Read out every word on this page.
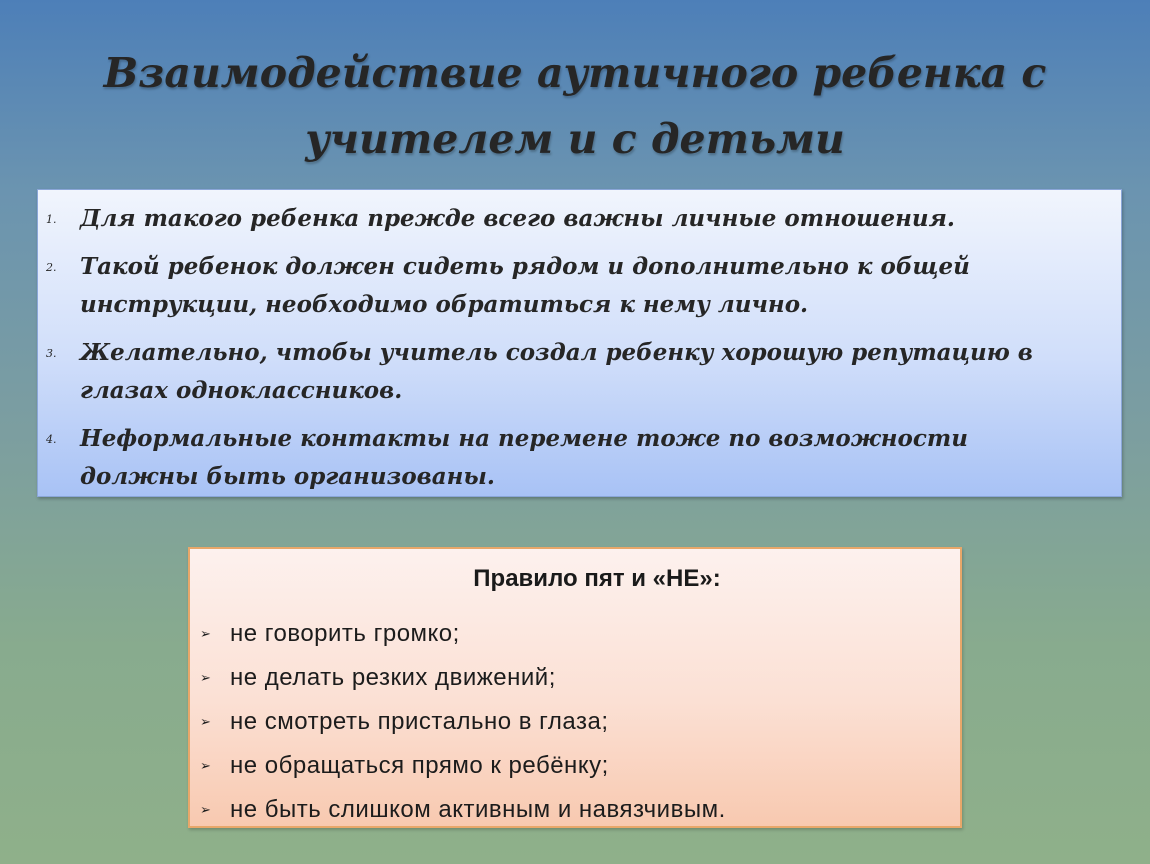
Взаимодействие аутичного ребенка с
учителем и с детьми
1. Для такого ребенка прежде всего важны личные отношения.
2. Такой ребенок должен сидеть рядом и дополнительно к общей инструкции, необходимо обратиться к нему лично.
3. Желательно, чтобы учитель создал ребенку хорошую репутацию в глазах одноклассников.
4. Неформальные контакты на перемене тоже по возможности должны быть организованы.
Правило пят и «НЕ»:
➢ не говорить громко;
➢ не делать резких движений;
➢ не смотреть пристально в глаза;
➢ не обращаться прямо к ребёнку;
➢ не быть слишком активным и навязчивым.
